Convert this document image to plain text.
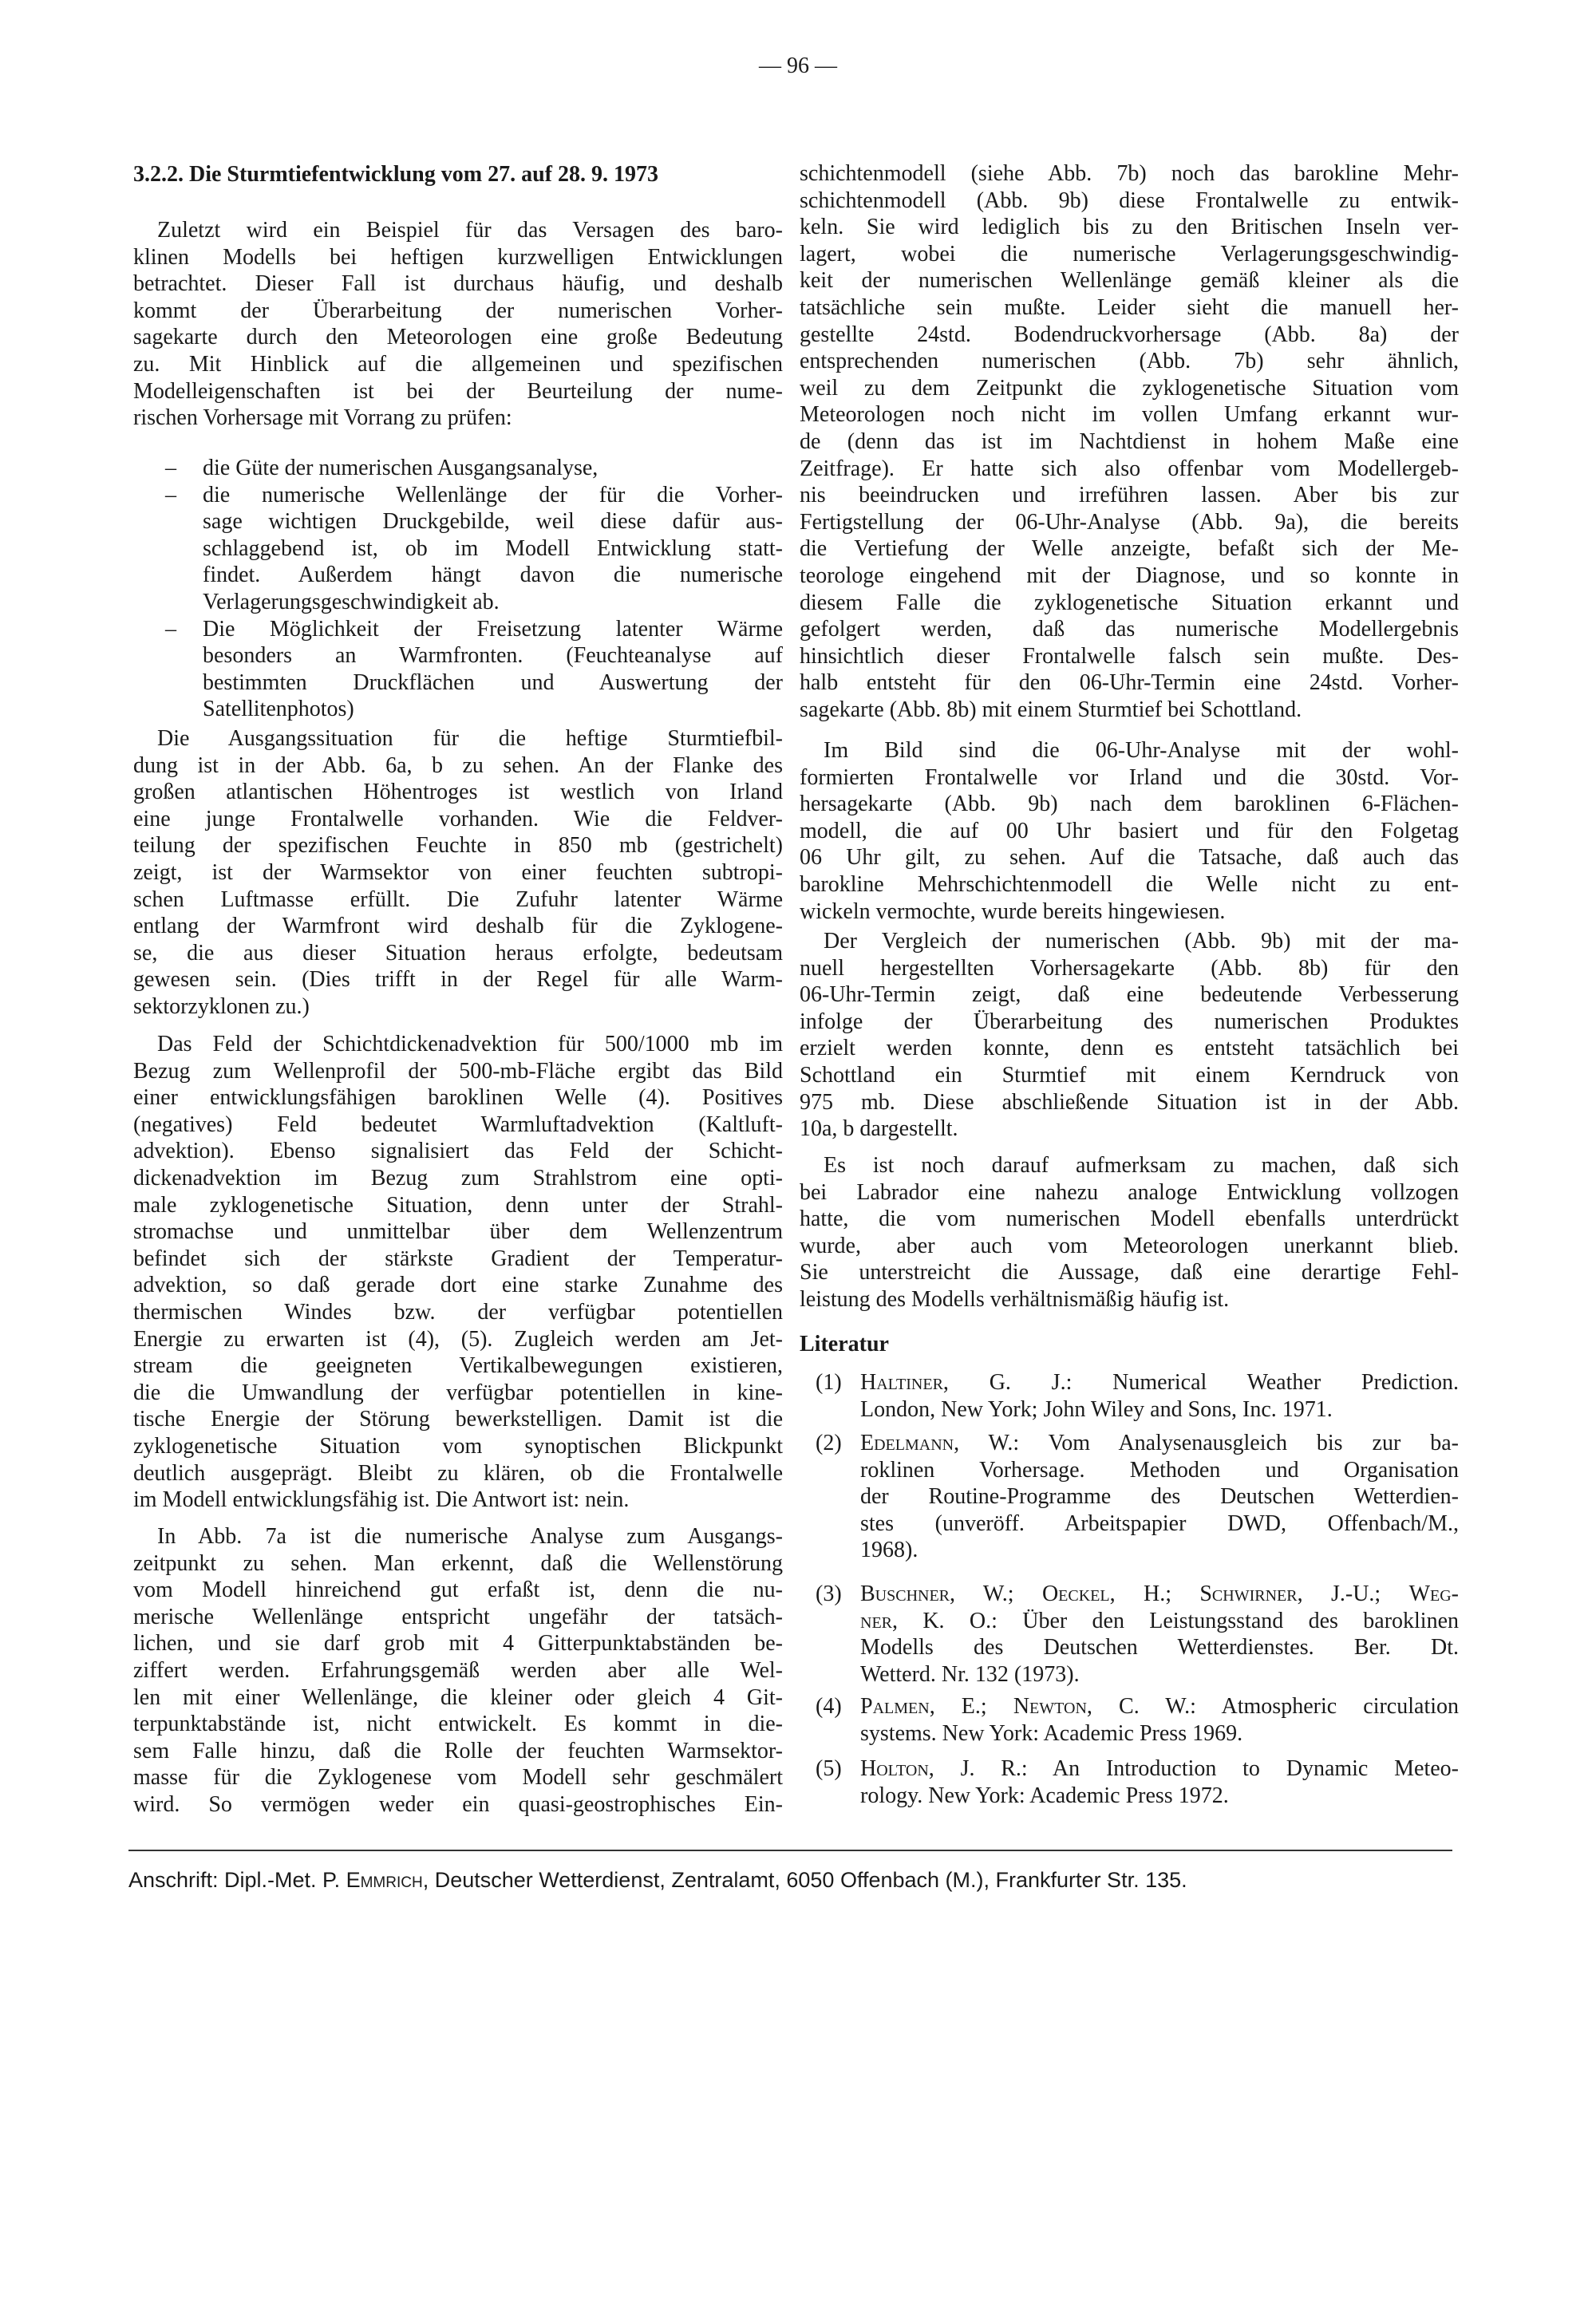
— 96 —
3.2.2. Die Sturmtiefentwicklung vom 27. auf 28. 9. 1973
Zuletzt wird ein Beispiel für das Versagen des baro-
klinen Modells bei heftigen kurzwelligen Entwicklungen
betrachtet. Dieser Fall ist durchaus häufig, und deshalb
kommt der Überarbeitung der numerischen Vorher-
sagekarte durch den Meteorologen eine große Bedeutung
zu. Mit Hinblick auf die allgemeinen und spezifischen
Modelleigenschaften ist bei der Beurteilung der nume-
rischen Vorhersage mit Vorrang zu prüfen:
– die Güte der numerischen Ausgangsanalyse,
– die numerische Wellenlänge der für die Vorher-
sage wichtigen Druckgebilde, weil diese dafür aus-
schlaggebend ist, ob im Modell Entwicklung statt-
findet. Außerdem hängt davon die numerische
Verlagerungsgeschwindigkeit ab.
– Die Möglichkeit der Freisetzung latenter Wärme
besonders an Warmfronten. (Feuchteanalyse auf
bestimmten Druckflächen und Auswertung der
Satellitenphotos)
Die Ausgangssituation für die heftige Sturmtiefbil-
dung ist in der Abb. 6a, b zu sehen. An der Flanke des
großen atlantischen Höhentroges ist westlich von Irland
eine junge Frontalwelle vorhanden. Wie die Feldver-
teilung der spezifischen Feuchte in 850 mb (gestrichelt)
zeigt, ist der Warmsektor von einer feuchten subtropi-
schen Luftmasse erfüllt. Die Zufuhr latenter Wärme
entlang der Warmfront wird deshalb für die Zyklogene-
se, die aus dieser Situation heraus erfolgte, bedeutsam
gewesen sein. (Dies trifft in der Regel für alle Warm-
sektorzyklonen zu.)
Das Feld der Schichtdickenadvektion für 500/1000 mb im
Bezug zum Wellenprofil der 500-mb-Fläche ergibt das Bild
einer entwicklungsfähigen baroklinen Welle (4). Positives
(negatives) Feld bedeutet Warmluftadvektion (Kaltluft-
advektion). Ebenso signalisiert das Feld der Schicht-
dickenadvektion im Bezug zum Strahlstrom eine opti-
male zyklogenetische Situation, denn unter der Strahl-
stromachse und unmittelbar über dem Wellenzentrum
befindet sich der stärkste Gradient der Temperatur-
advektion, so daß gerade dort eine starke Zunahme des
thermischen Windes bzw. der verfügbar potentiellen
Energie zu erwarten ist (4), (5). Zugleich werden am Jet-
stream die geeigneten Vertikalbewegungen existieren,
die die Umwandlung der verfügbar potentiellen in kine-
tische Energie der Störung bewerkstelligen. Damit ist die
zyklogenetische Situation vom synoptischen Blickpunkt
deutlich ausgeprägt. Bleibt zu klären, ob die Frontalwelle
im Modell entwicklungsfähig ist. Die Antwort ist: nein.
In Abb. 7a ist die numerische Analyse zum Ausgangs-
zeitpunkt zu sehen. Man erkennt, daß die Wellenstörung
vom Modell hinreichend gut erfaßt ist, denn die nu-
merische Wellenlänge entspricht ungefähr der tatsäch-
lichen, und sie darf grob mit 4 Gitterpunktabständen be-
ziffert werden. Erfahrungsgemäß werden aber alle Wel-
len mit einer Wellenlänge, die kleiner oder gleich 4 Git-
terpunktabstände ist, nicht entwickelt. Es kommt in die-
sem Falle hinzu, daß die Rolle der feuchten Warmsektor-
masse für die Zyklogenese vom Modell sehr geschmälert
wird. So vermögen weder ein quasi-geostrophisches Ein-
schichtenmodell (siehe Abb. 7b) noch das barokline Mehr-
schichtenmodell (Abb. 9b) diese Frontalwelle zu entwik-
keln. Sie wird lediglich bis zu den Britischen Inseln ver-
lagert, wobei die numerische Verlagerungsgeschwindig-
keit der numerischen Wellenlänge gemäß kleiner als die
tatsächliche sein mußte. Leider sieht die manuell her-
gestellte 24std. Bodendruckvorhersage (Abb. 8a) der
entsprechenden numerischen (Abb. 7b) sehr ähnlich,
weil zu dem Zeitpunkt die zyklogenetische Situation vom
Meteorologen noch nicht im vollen Umfang erkannt wur-
de (denn das ist im Nachtdienst in hohem Maße eine
Zeitfrage). Er hatte sich also offenbar vom Modellergeb-
nis beeindrucken und irreführen lassen. Aber bis zur
Fertigstellung der 06-Uhr-Analyse (Abb. 9a), die bereits
die Vertiefung der Welle anzeigte, befaßt sich der Me-
teorologe eingehend mit der Diagnose, und so konnte in
diesem Falle die zyklogenetische Situation erkannt und
gefolgert werden, daß das numerische Modellergebnis
hinsichtlich dieser Frontalwelle falsch sein mußte. Des-
halb entsteht für den 06-Uhr-Termin eine 24std. Vorher-
sagekarte (Abb. 8b) mit einem Sturmtief bei Schottland.
Im Bild sind die 06-Uhr-Analyse mit der wohl-
formierten Frontalwelle vor Irland und die 30std. Vor-
hersagekarte (Abb. 9b) nach dem baroklinen 6-Flächen-
modell, die auf 00 Uhr basiert und für den Folgetag
06 Uhr gilt, zu sehen. Auf die Tatsache, daß auch das
barokline Mehrschichtenmodell die Welle nicht zu ent-
wickeln vermochte, wurde bereits hingewiesen.
Der Vergleich der numerischen (Abb. 9b) mit der ma-
nuell hergestellten Vorhersagekarte (Abb. 8b) für den
06-Uhr-Termin zeigt, daß eine bedeutende Verbesserung
infolge der Überarbeitung des numerischen Produktes
erzielt werden konnte, denn es entsteht tatsächlich bei
Schottland ein Sturmtief mit einem Kerndruck von
975 mb. Diese abschließende Situation ist in der Abb.
10a, b dargestellt.
Es ist noch darauf aufmerksam zu machen, daß sich
bei Labrador eine nahezu analoge Entwicklung vollzogen
hatte, die vom numerischen Modell ebenfalls unterdrückt
wurde, aber auch vom Meteorologen unerkannt blieb.
Sie unterstreicht die Aussage, daß eine derartige Fehl-
leistung des Modells verhältnismäßig häufig ist.
Literatur
(1) Haltiner, G. J.: Numerical Weather Prediction.
London, New York; John Wiley and Sons, Inc. 1971.
(2) Edelmann, W.: Vom Analysenausgleich bis zur ba-
roklinen Vorhersage. Methoden und Organisation
der Routine-Programme des Deutschen Wetterdien-
stes (unveröff. Arbeitspapier DWD, Offenbach/M.,
1968).
(3) Buschner, W.; Oeckel, H.; Schwirner, J.-U.; Weg-
ner, K. O.: Über den Leistungsstand des baroklinen
Modells des Deutschen Wetterdienstes. Ber. Dt.
Wetterd. Nr. 132 (1973).
(4) Palmen, E.; Newton, C. W.: Atmospheric circulation
systems. New York: Academic Press 1969.
(5) Holton, J. R.: An Introduction to Dynamic Meteo-
rology. New York: Academic Press 1972.
Anschrift: Dipl.-Met. P. Emmrich, Deutscher Wetterdienst, Zentralamt, 6050 Offenbach (M.), Frankfurter Str. 135.
